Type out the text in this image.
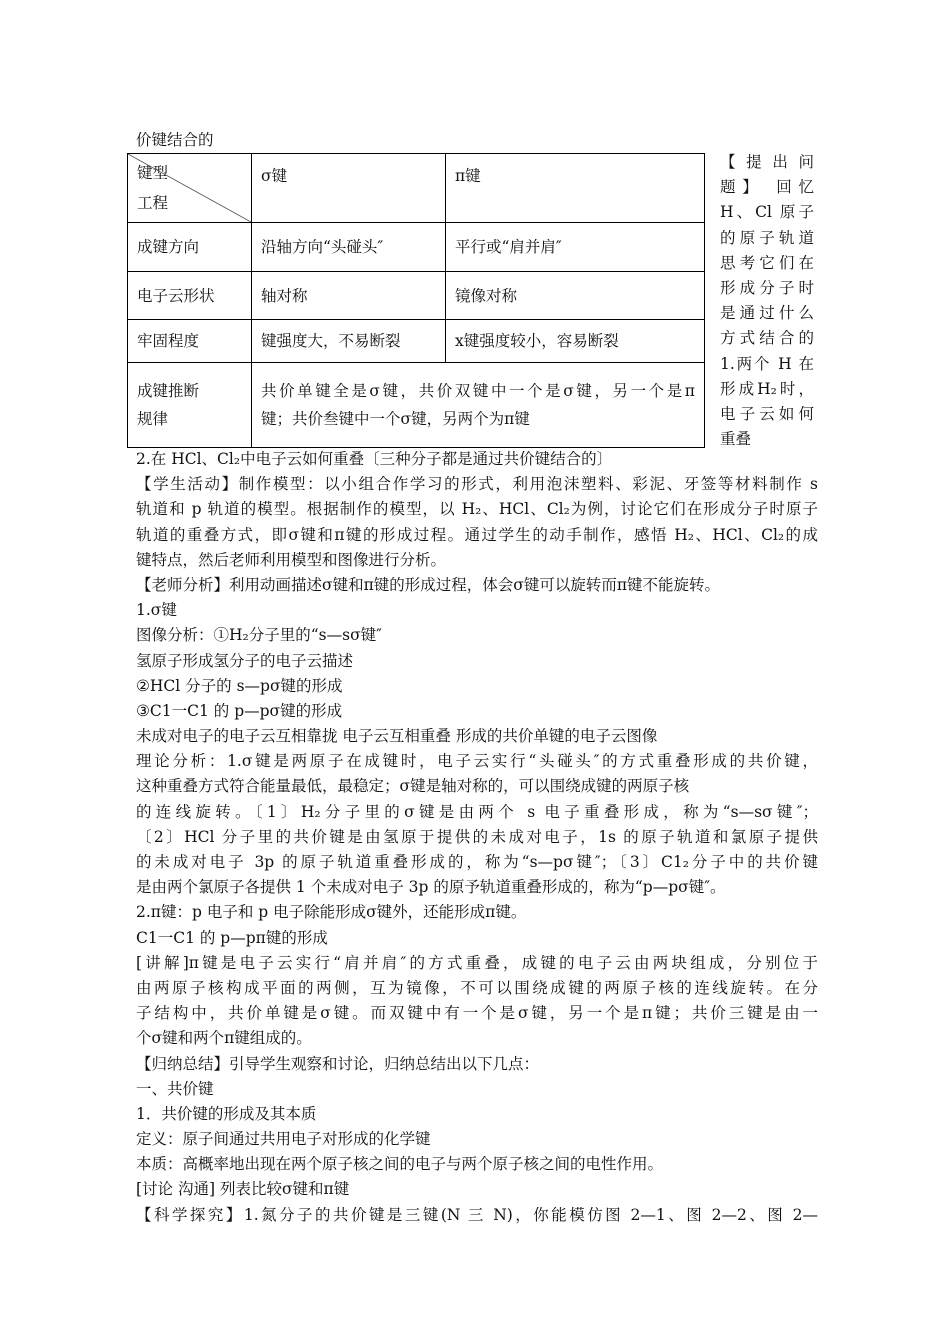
价键结合的
键型
工程	σ键	π键
成键方向	沿轴方向“头碰头″	平行或“肩并肩″
电子云形状	轴对称	镜像对称
牢固程度	键强度大，不易断裂	x键强度较小，容易断裂

成键推断
规律	共价单键全是σ键，共价双键中一个是σ键，另一个是π
键；共价叁键中一个σ键，另两个为π键	
【 提 出 问
题】 回忆
H、Cl 原子
的原子轨道
思考它们在
形成分子时
是通过什么
方式结合的
1.两个 H 在
形成H₂时，
电子云如何
重叠

2.在 HCl、Cl₂中电子云如何重叠〔三种分子都是通过共价键结合的〕

【学生活动】制作模型：以小组合作学习的形式，利用泡沫塑料、彩泥、牙签等材料制作 s

轨道和 p 轨道的模型。根据制作的模型，以 H₂、HCl、Cl₂为例，讨论它们在形成分子时原子

轨道的重叠方式，即σ键和π键的形成过程。通过学生的动手制作，感悟 H₂、HCl、Cl₂的成

键特点，然后老师利用模型和图像进行分析。

【老师分析】利用动画描述σ键和π键的形成过程，体会σ键可以旋转而π键不能旋转。

1.σ键

图像分析：①H₂分子里的“s—sσ键″

氢原子形成氢分子的电子云描述

②HCl 分子的 s—pσ键的形成

③C1一C1 的 p—pσ键的形成

未成对电子的电子云互相靠拢 电子云互相重叠 形成的共价单键的电子云图像

理论分析：1.σ键是两原子在成键时，电子云实行“头碰头″的方式重叠形成的共价键，

这种重叠方式符合能量最低，最稳定；σ键是轴对称的，可以围绕成键的两原子核

的连线旋转。〔1〕H₂分子里的σ键是由两个 s 电子重叠形成，称为“s—sσ键″；

〔2〕HCl 分子里的共价键是由氢原于提供的未成对电子，1s 的原子轨道和氯原子提供

的未成对电子 3p 的原子轨道重叠形成的，称为“s—pσ键″；〔3〕C1₂分子中的共价键

是由两个氯原子各提供 1 个未成对电子 3p 的原予轨道重叠形成的，称为“p—pσ键″。

2.π键：p 电子和 p 电子除能形成σ键外，还能形成π键。

C1一C1 的 p—pπ键的形成

[讲解]π键是电子云实行“肩并肩″的方式重叠，成键的电子云由两块组成，分别位于

由两原子核构成平面的两侧，互为镜像，不可以围绕成键的两原子核的连线旋转。在分

子结构中，共价单键是σ键。而双键中有一个是σ键，另一个是π键；共价三键是由一

个σ键和两个π键组成的。

【归纳总结】引导学生观察和讨论，归纳总结出以下几点：

一、共价键

1．共价键的形成及其本质

定义：原子间通过共用电子对形成的化学键

本质：高概率地出现在两个原子核之间的电子与两个原子核之间的电性作用。

[讨论 沟通] 列表比较σ键和π键

【科学探究】1.氮分子的共价键是三键(N 三 N)，你能模仿图 2—1、图 2—2、图 2—
